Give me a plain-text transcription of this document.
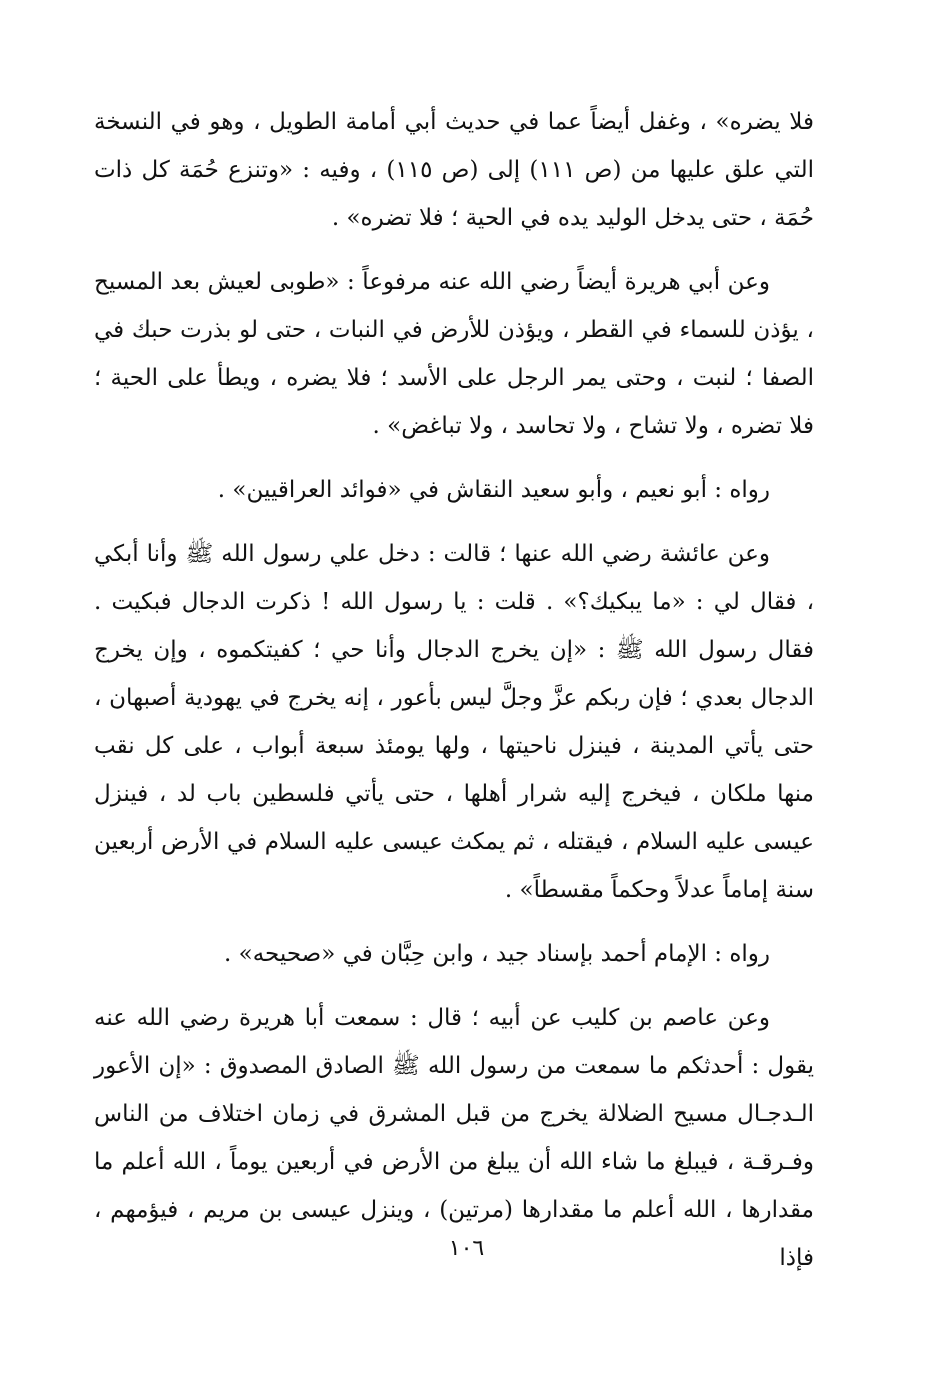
فلا يضره» ، وغفل أيضاً عما في حديث أبي أمامة الطويل ، وهو في النسخة التي علق عليها من (ص ١١١) إلى (ص ١١٥) ، وفيه : «وتنزع حُمَة كل ذات حُمَة ، حتى يدخل الوليد يده في الحية ؛ فلا تضره» .

وعن أبي هريرة أيضاً رضي الله عنه مرفوعاً : «طوبى لعيش بعد المسيح ، يؤذن للسماء في القطر ، ويؤذن للأرض في النبات ، حتى لو بذرت حبك في الصفا ؛ لنبت ، وحتى يمر الرجل على الأسد ؛ فلا يضره ، ويطأ على الحية ؛ فلا تضره ، ولا تشاح ، ولا تحاسد ، ولا تباغض» .

رواه : أبو نعيم ، وأبو سعيد النقاش في «فوائد العراقيين» .

وعن عائشة رضي الله عنها ؛ قالت : دخل علي رسول الله ﷺ وأنا أبكي ، فقال لي : «ما يبكيك؟» . قلت : يا رسول الله ! ذكرت الدجال فبكيت . فقال رسول الله ﷺ : «إن يخرج الدجال وأنا حي ؛ كفيتكموه ، وإن يخرج الدجال بعدي ؛ فإن ربكم عزَّ وجلَّ ليس بأعور ، إنه يخرج في يهودية أصبهان ، حتى يأتي المدينة ، فينزل ناحيتها ، ولها يومئذ سبعة أبواب ، على كل نقب منها ملكان ، فيخرج إليه شرار أهلها ، حتى يأتي فلسطين باب لد ، فينزل عيسى عليه السلام ، فيقتله ، ثم يمكث عيسى عليه السلام في الأرض أربعين سنة إماماً عدلاً وحكماً مقسطاً» .

رواه : الإمام أحمد بإسناد جيد ، وابن حِبَّان في «صحيحه» .

وعن عاصم بن كليب عن أبيه ؛ قال : سمعت أبا هريرة رضي الله عنه يقول : أحدثكم ما سمعت من رسول الله ﷺ الصادق المصدوق : «إن الأعور الـدجـال مسيح الضلالة يخرج من قبل المشرق في زمان اختلاف من الناس وفـرقـة ، فيبلغ ما شاء الله أن يبلغ من الأرض في أربعين يوماً ، الله أعلم ما مقدارها ، الله أعلم ما مقدارها (مرتين) ، وينزل عيسى بن مريم ، فيؤمهم ، فإذا

١٠٦
